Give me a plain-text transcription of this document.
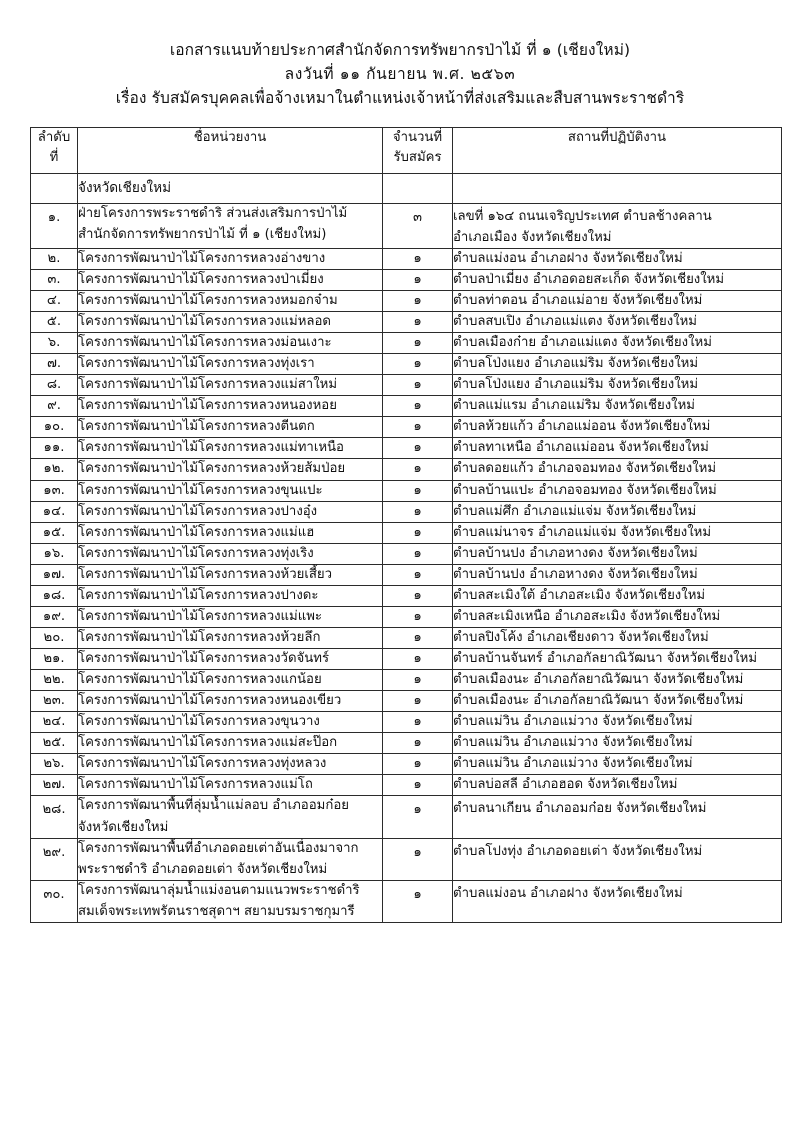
เอกสารแนบท้ายประกาศสำนักจัดการทรัพยากรป่าไม้ ที่ ๑ (เชียงใหม่)
ลงวันที่ ๑๑ กันยายน พ.ศ. ๒๕๖๓
เรื่อง รับสมัครบุคคลเพื่อจ้างเหมาในตำแหน่งเจ้าหน้าที่ส่งเสริมและสืบสานพระราชดำริ
ลำดับ
ที่	ชื่อหน่วยงาน	จำนวนที่
รับสมัคร	สถานที่ปฏิบัติงาน

	จังหวัดเชียงใหม่		

๑.	ฝ่ายโครงการพระราชดำริ ส่วนส่งเสริมการป่าไม้
สำนักจัดการทรัพยากรป่าไม้ ที่ ๑ (เชียงใหม่)	๓	เลขที่ ๑๖๔ ถนนเจริญประเทศ ตำบลช้างคลาน
อำเภอเมือง จังหวัดเชียงใหม่

๒.	โครงการพัฒนาป่าไม้โครงการหลวงอ่างขาง	๑	ตำบลแม่งอน อำเภอฝาง จังหวัดเชียงใหม่

๓.	โครงการพัฒนาป่าไม้โครงการหลวงป่าเมี่ยง	๑	ตำบลป่าเมี่ยง อำเภอดอยสะเก็ด จังหวัดเชียงใหม่

๔.	โครงการพัฒนาป่าไม้โครงการหลวงหมอกจ๋าม	๑	ตำบลท่าตอน อำเภอแม่อาย จังหวัดเชียงใหม่

๕.	โครงการพัฒนาป่าไม้โครงการหลวงแม่หลอด	๑	ตำบลสบเปิง อำเภอแม่แตง จังหวัดเชียงใหม่

๖.	โครงการพัฒนาป่าไม้โครงการหลวงม่อนเงาะ	๑	ตำบลเมืองก๋าย อำเภอแม่แตง จังหวัดเชียงใหม่

๗.	โครงการพัฒนาป่าไม้โครงการหลวงทุ่งเรา	๑	ตำบลโป่งแยง อำเภอแม่ริม จังหวัดเชียงใหม่

๘.	โครงการพัฒนาป่าไม้โครงการหลวงแม่สาใหม่	๑	ตำบลโป่งแยง อำเภอแม่ริม จังหวัดเชียงใหม่

๙.	โครงการพัฒนาป่าไม้โครงการหลวงหนองหอย	๑	ตำบลแม่แรม อำเภอแม่ริม จังหวัดเชียงใหม่

๑๐.	โครงการพัฒนาป่าไม้โครงการหลวงตีนตก	๑	ตำบลห้วยแก้ว อำเภอแม่ออน จังหวัดเชียงใหม่

๑๑.	โครงการพัฒนาป่าไม้โครงการหลวงแม่ทาเหนือ	๑	ตำบลทาเหนือ อำเภอแม่ออน จังหวัดเชียงใหม่

๑๒.	โครงการพัฒนาป่าไม้โครงการหลวงห้วยส้มป่อย	๑	ตำบลดอยแก้ว อำเภอจอมทอง จังหวัดเชียงใหม่

๑๓.	โครงการพัฒนาป่าไม้โครงการหลวงขุนแปะ	๑	ตำบลบ้านแปะ อำเภอจอมทอง จังหวัดเชียงใหม่

๑๔.	โครงการพัฒนาป่าไม้โครงการหลวงปางอุ๋ง	๑	ตำบลแม่ศึก อำเภอแม่แจ่ม จังหวัดเชียงใหม่

๑๕.	โครงการพัฒนาป่าไม้โครงการหลวงแม่แฮ	๑	ตำบลแม่นาจร อำเภอแม่แจ่ม จังหวัดเชียงใหม่

๑๖.	โครงการพัฒนาป่าไม้โครงการหลวงทุ่งเริง	๑	ตำบลบ้านปง อำเภอหางดง จังหวัดเชียงใหม่

๑๗.	โครงการพัฒนาป่าไม้โครงการหลวงห้วยเสี้ยว	๑	ตำบลบ้านปง อำเภอหางดง จังหวัดเชียงใหม่

๑๘.	โครงการพัฒนาป่าไม้โครงการหลวงปางดะ	๑	ตำบลสะเมิงใต้ อำเภอสะเมิง จังหวัดเชียงใหม่

๑๙.	โครงการพัฒนาป่าไม้โครงการหลวงแม่แพะ	๑	ตำบลสะเมิงเหนือ อำเภอสะเมิง จังหวัดเชียงใหม่

๒๐.	โครงการพัฒนาป่าไม้โครงการหลวงห้วยลึก	๑	ตำบลปิงโค้ง อำเภอเชียงดาว จังหวัดเชียงใหม่

๒๑.	โครงการพัฒนาป่าไม้โครงการหลวงวัดจันทร์	๑	ตำบลบ้านจันทร์ อำเภอกัลยาณิวัฒนา จังหวัดเชียงใหม่

๒๒.	โครงการพัฒนาป่าไม้โครงการหลวงแกน้อย	๑	ตำบลเมืองนะ อำเภอกัลยาณิวัฒนา จังหวัดเชียงใหม่

๒๓.	โครงการพัฒนาป่าไม้โครงการหลวงหนองเขียว	๑	ตำบลเมืองนะ อำเภอกัลยาณิวัฒนา จังหวัดเชียงใหม่

๒๔.	โครงการพัฒนาป่าไม้โครงการหลวงขุนวาง	๑	ตำบลแม่วิน อำเภอแม่วาง จังหวัดเชียงใหม่

๒๕.	โครงการพัฒนาป่าไม้โครงการหลวงแม่สะป๊อก	๑	ตำบลแม่วิน อำเภอแม่วาง จังหวัดเชียงใหม่

๒๖.	โครงการพัฒนาป่าไม้โครงการหลวงทุ่งหลวง	๑	ตำบลแม่วิน อำเภอแม่วาง จังหวัดเชียงใหม่

๒๗.	โครงการพัฒนาป่าไม้โครงการหลวงแม่โถ	๑	ตำบลบ่อสลี อำเภอฮอด จังหวัดเชียงใหม่

๒๘.	โครงการพัฒนาพื้นที่ลุ่มน้ำแม่ลอบ อำเภออมก๋อย
จังหวัดเชียงใหม่	๑	ตำบลนาเกียน อำเภออมก๋อย จังหวัดเชียงใหม่

๒๙.	โครงการพัฒนาพื้นที่อำเภอดอยเต่าอันเนื่องมาจาก
พระราชดำริ อำเภอดอยเต่า จังหวัดเชียงใหม่	๑	ตำบลโปงทุ่ง อำเภอดอยเต่า จังหวัดเชียงใหม่

๓๐.	โครงการพัฒนาลุ่มน้ำแม่งอนตามแนวพระราชดำริ
สมเด็จพระเทพรัตนราชสุดาฯ สยามบรมราชกุมารี	๑	ตำบลแม่งอน อำเภอฝาง จังหวัดเชียงใหม่
